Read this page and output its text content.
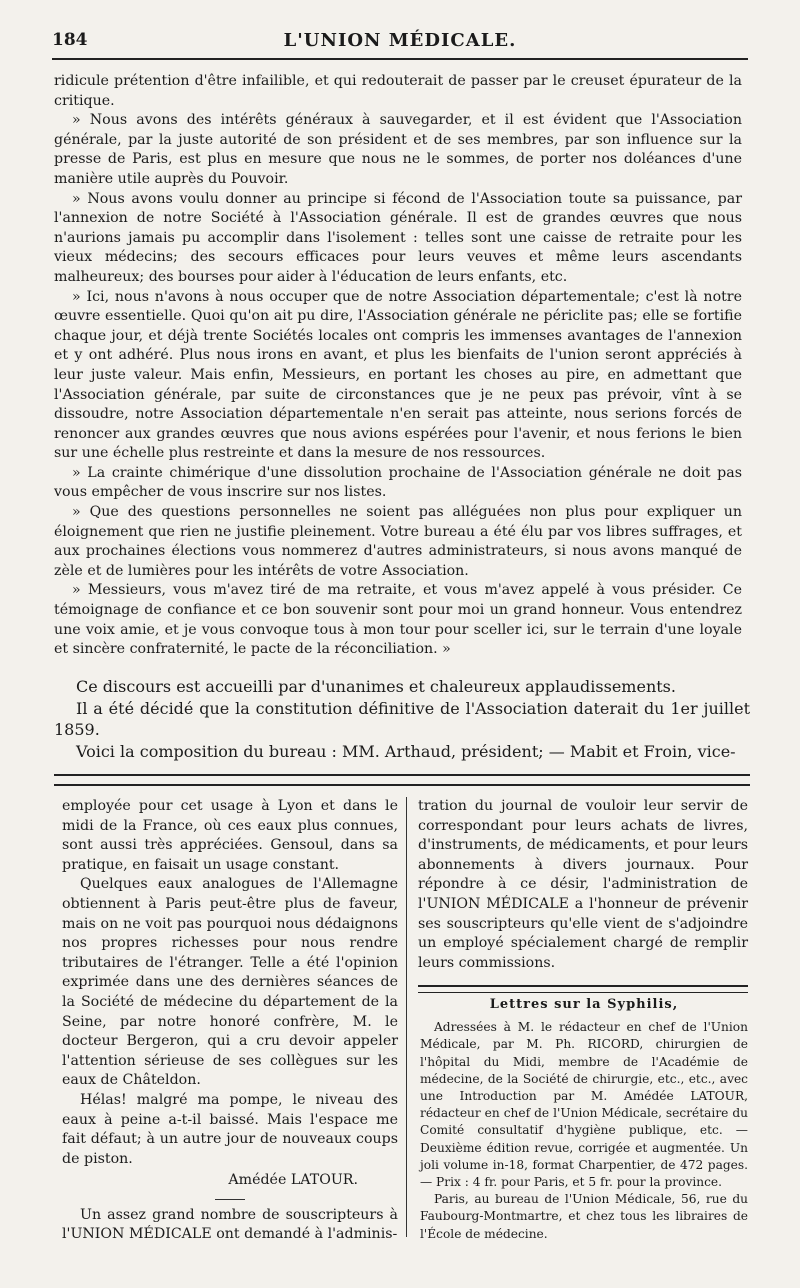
184	L'UNION MÉDICALE.

ridicule prétention d'être infailible, et qui redouterait de passer par le creuset épurateur de la critique.

» Nous avons des intérêts généraux à sauvegarder, et il est évident que l'Association générale, par la juste autorité de son président et de ses membres, par son influence sur la presse de Paris, est plus en mesure que nous ne le sommes, de porter nos doléances d'une manière utile auprès du Pouvoir.

» Nous avons voulu donner au principe si fécond de l'Association toute sa puissance, par l'annexion de notre Société à l'Association générale. Il est de grandes œuvres que nous n'aurions jamais pu accomplir dans l'isolement : telles sont une caisse de retraite pour les vieux médecins; des secours efficaces pour leurs veuves et même leurs ascendants malheureux; des bourses pour aider à l'éducation de leurs enfants, etc.

» Ici, nous n'avons à nous occuper que de notre Association départementale; c'est là notre œuvre essentielle. Quoi qu'on ait pu dire, l'Association générale ne périclite pas; elle se fortifie chaque jour, et déjà trente Sociétés locales ont compris les immenses avantages de l'annexion et y ont adhéré. Plus nous irons en avant, et plus les bienfaits de l'union seront appréciés à leur juste valeur. Mais enfin, Messieurs, en portant les choses au pire, en admettant que l'Association générale, par suite de circonstances que je ne peux pas prévoir, vînt à se dissoudre, notre Association départementale n'en serait pas atteinte, nous serions forcés de renoncer aux grandes œuvres que nous avions espérées pour l'avenir, et nous ferions le bien sur une échelle plus restreinte et dans la mesure de nos ressources.

» La crainte chimérique d'une dissolution prochaine de l'Association générale ne doit pas vous empêcher de vous inscrire sur nos listes.

» Que des questions personnelles ne soient pas alléguées non plus pour expliquer un éloignement que rien ne justifie pleinement. Votre bureau a été élu par vos libres suffrages, et aux prochaines élections vous nommerez d'autres administrateurs, si nous avons manqué de zèle et de lumières pour les intérêts de votre Association.

» Messieurs, vous m'avez tiré de ma retraite, et vous m'avez appelé à vous présider. Ce témoignage de confiance et ce bon souvenir sont pour moi un grand honneur. Vous entendrez une voix amie, et je vous convoque tous à mon tour pour sceller ici, sur le terrain d'une loyale et sincère confraternité, le pacte de la réconciliation. »

Ce discours est accueilli par d'unanimes et chaleureux applaudissements.

Il a été décidé que la constitution définitive de l'Association daterait du 1er juillet 1859.

Voici la composition du bureau : MM. Arthaud, président; — Mabit et Froin, vice-

employée pour cet usage à Lyon et dans le midi de la France, où ces eaux plus connues, sont aussi très appréciées. Gensoul, dans sa pratique, en faisait un usage constant.

Quelques eaux analogues de l'Allemagne obtiennent à Paris peut-être plus de faveur, mais on ne voit pas pourquoi nous dédaignons nos propres richesses pour nous rendre tributaires de l'étranger. Telle a été l'opinion exprimée dans une des dernières séances de la Société de médecine du département de la Seine, par notre honoré confrère, M. le docteur Bergeron, qui a cru devoir appeler l'attention sérieuse de ses collègues sur les eaux de Châteldon.

Hélas! malgré ma pompe, le niveau des eaux à peine a-t-il baissé. Mais l'espace me fait défaut; à un autre jour de nouveaux coups de piston.

Amédée LATOUR.

Un assez grand nombre de souscripteurs à l'UNION MÉDICALE ont demandé à l'adminis-

tration du journal de vouloir leur servir de correspondant pour leurs achats de livres, d'instruments, de médicaments, et pour leurs abonnements à divers journaux. Pour répondre à ce désir, l'administration de l'UNION MÉDICALE a l'honneur de prévenir ses souscripteurs qu'elle vient de s'adjoindre un employé spécialement chargé de remplir leurs commissions.

Lettres sur la Syphilis,

Adressées à M. le rédacteur en chef de l'Union Médicale, par M. Ph. RICORD, chirurgien de l'hôpital du Midi, membre de l'Académie de médecine, de la Société de chirurgie, etc., etc., avec une Introduction par M. Amédée LATOUR, rédacteur en chef de l'Union Médicale, secrétaire du Comité consultatif d'hygiène publique, etc. — Deuxième édition revue, corrigée et augmentée. Un joli volume in-18, format Charpentier, de 472 pages. — Prix : 4 fr. pour Paris, et 5 fr. pour la province.

Paris, au bureau de l'Union Médicale, 56, rue du Faubourg-Montmartre, et chez tous les libraires de l'École de médecine.
